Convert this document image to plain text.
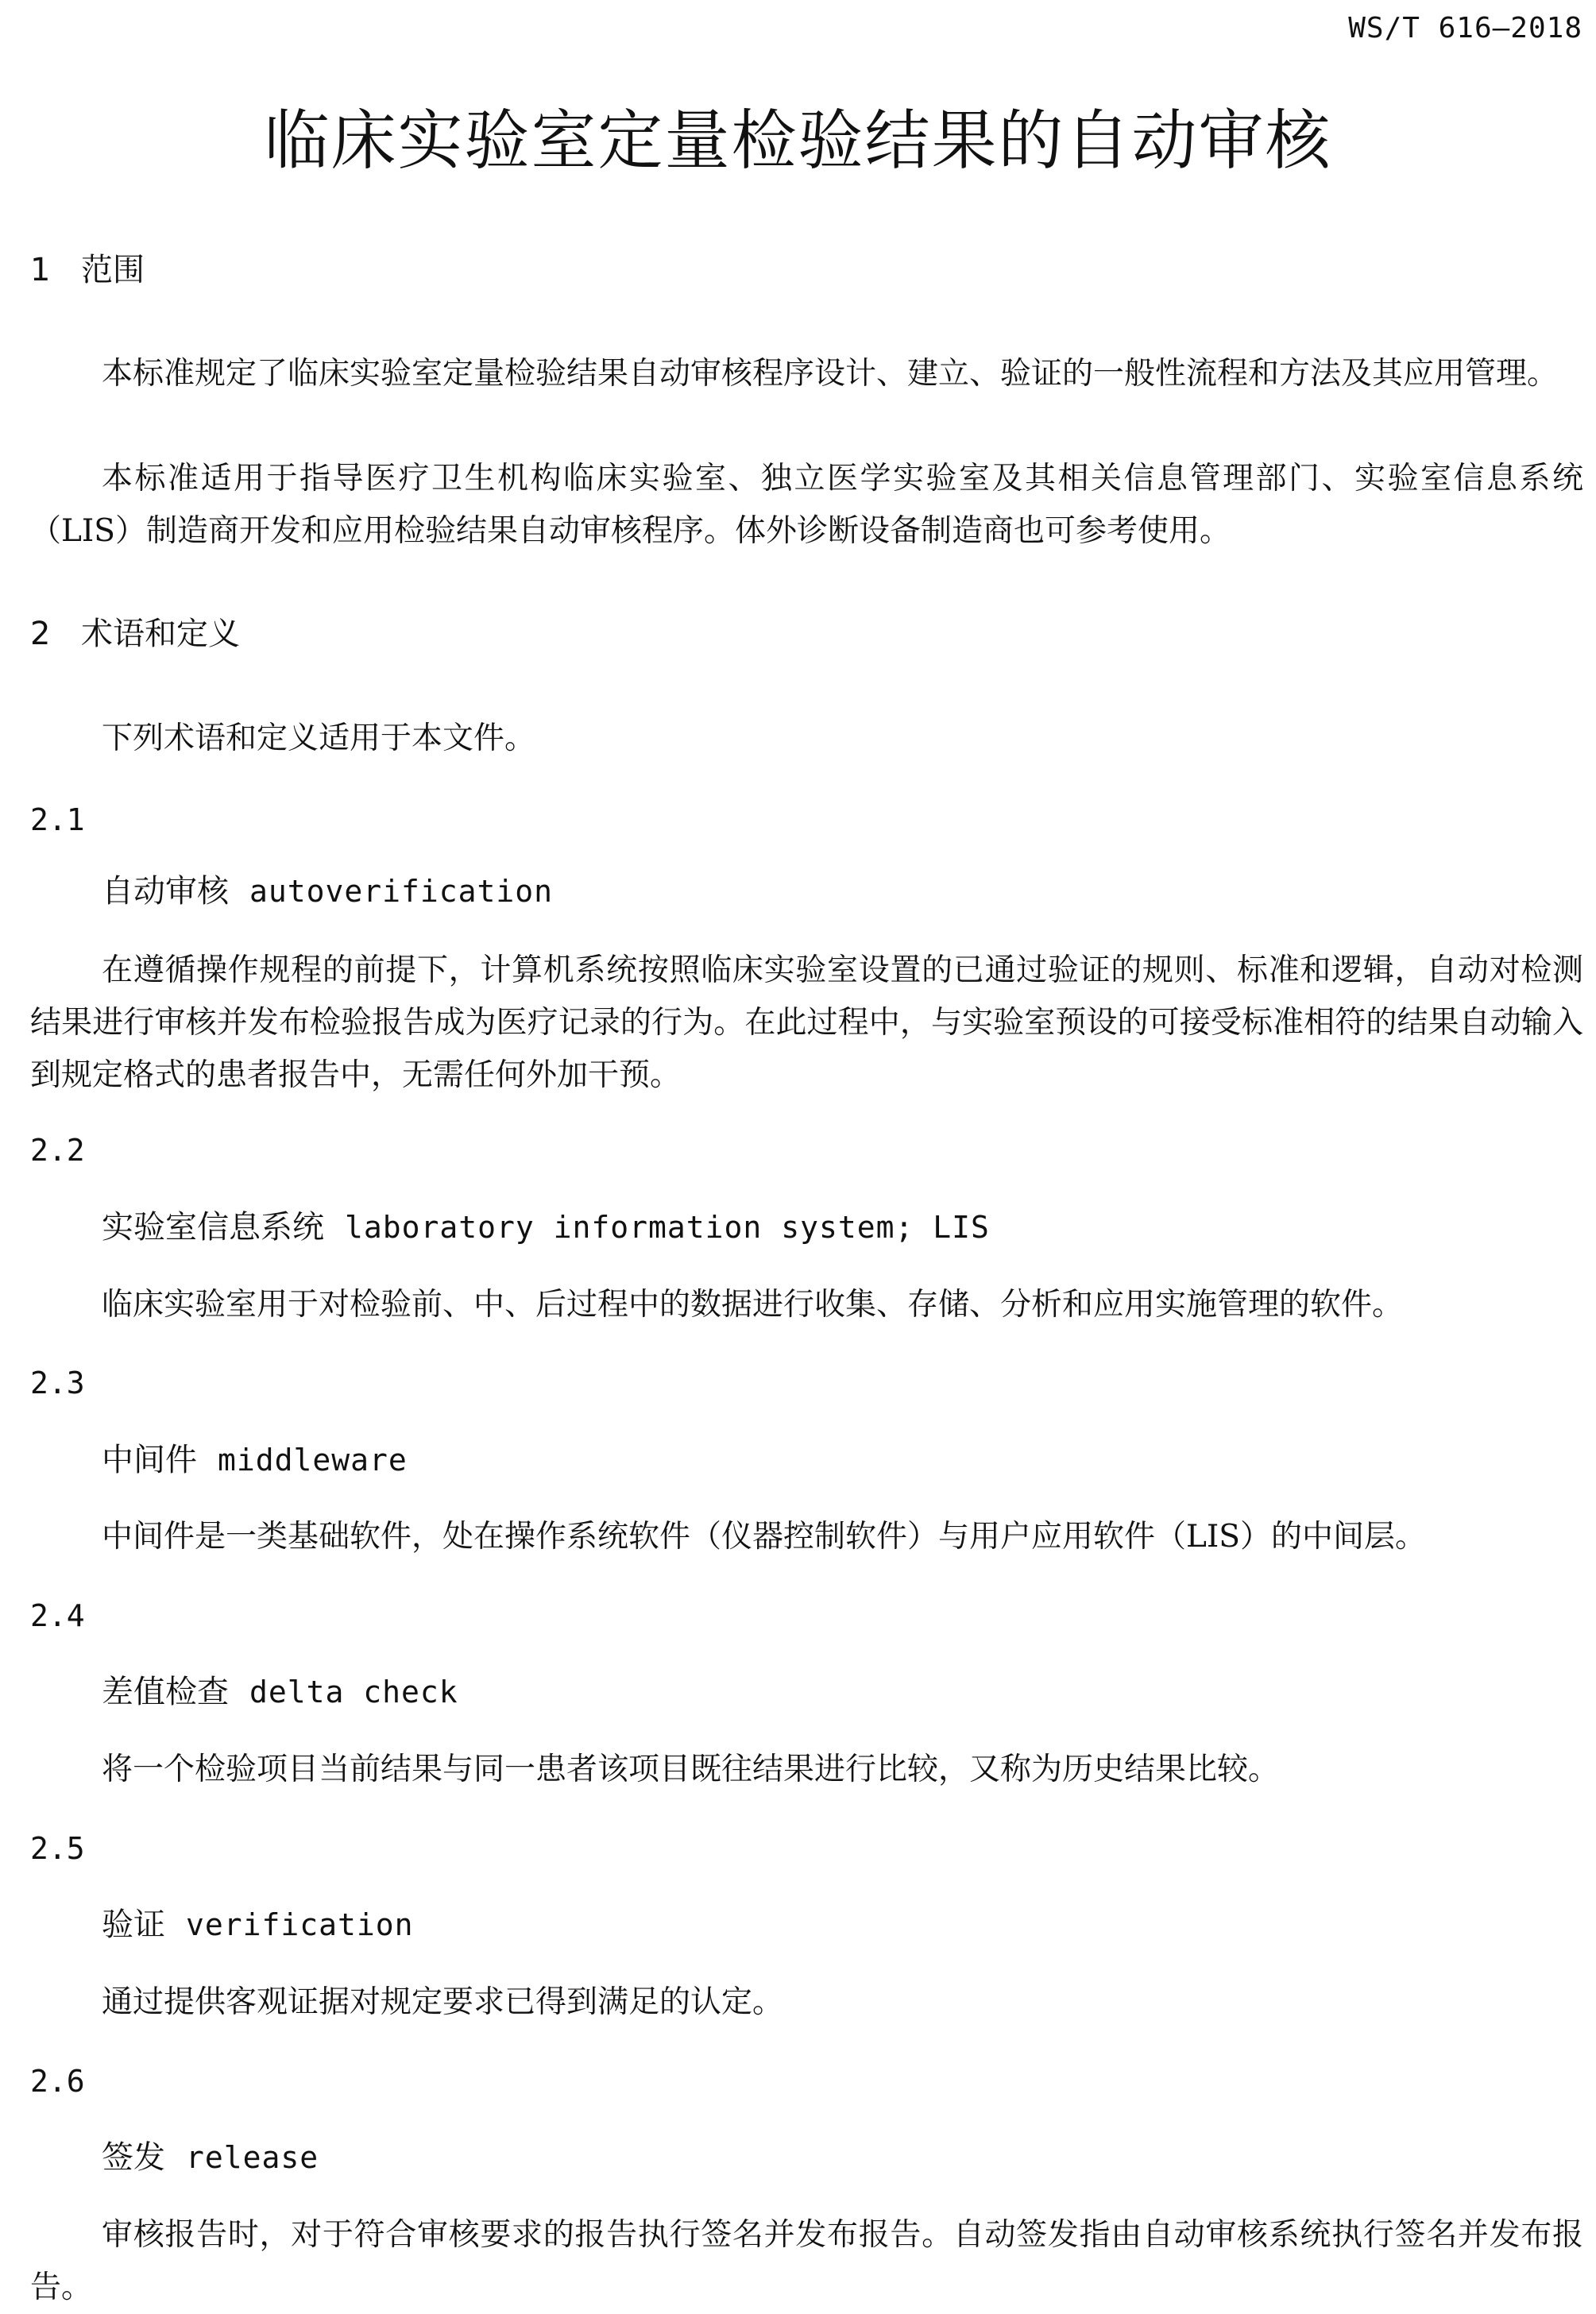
WS/T 616—2018
临床实验室定量检验结果的自动审核
1 范围
本标准规定了临床实验室定量检验结果自动审核程序设计、建立、验证的一般性流程和方法及其应用管理。
本标准适用于指导医疗卫生机构临床实验室、独立医学实验室及其相关信息管理部门、实验室信息系统（LIS）制造商开发和应用检验结果自动审核程序。体外诊断设备制造商也可参考使用。
2 术语和定义
下列术语和定义适用于本文件。
2.1
自动审核 autoverification
在遵循操作规程的前提下，计算机系统按照临床实验室设置的已通过验证的规则、标准和逻辑，自动对检测结果进行审核并发布检验报告成为医疗记录的行为。在此过程中，与实验室预设的可接受标准相符的结果自动输入到规定格式的患者报告中，无需任何外加干预。
2.2
实验室信息系统 laboratory information system; LIS
临床实验室用于对检验前、中、后过程中的数据进行收集、存储、分析和应用实施管理的软件。
2.3
中间件 middleware
中间件是一类基础软件，处在操作系统软件（仪器控制软件）与用户应用软件（LIS）的中间层。
2.4
差值检查 delta check
将一个检验项目当前结果与同一患者该项目既往结果进行比较，又称为历史结果比较。
2.5
验证 verification
通过提供客观证据对规定要求已得到满足的认定。
2.6
签发 release
审核报告时，对于符合审核要求的报告执行签名并发布报告。自动签发指由自动审核系统执行签名并发布报告。
